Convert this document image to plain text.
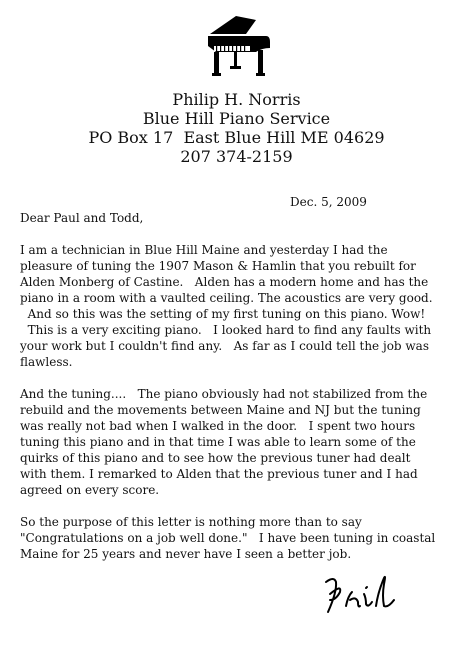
Philip H. Norris
Blue Hill Piano Service
PO Box 17  East Blue Hill ME 04629
207 374-2159
Dec. 5, 2009

Dear Paul and Todd,

I am a technician in Blue Hill Maine and yesterday I had the
pleasure of tuning the 1907 Mason & Hamlin that you rebuilt for
Alden Monberg of Castine.   Alden has a modern home and has the
piano in a room with a vaulted ceiling. The acoustics are very good.
And so this was the setting of my first tuning on this piano. Wow!
This is a very exciting piano.   I looked hard to find any faults with
your work but I couldn't find any.   As far as I could tell the job was
flawless.

And the tuning....   The piano obviously had not stabilized from the
rebuild and the movements between Maine and NJ but the tuning
was really not bad when I walked in the door.   I spent two hours
tuning this piano and in that time I was able to learn some of the
quirks of this piano and to see how the previous tuner had dealt
with them. I remarked to Alden that the previous tuner and I had
agreed on every score.

So the purpose of this letter is nothing more than to say
"Congratulations on a job well done."   I have been tuning in coastal
Maine for 25 years and never have I seen a better job.
